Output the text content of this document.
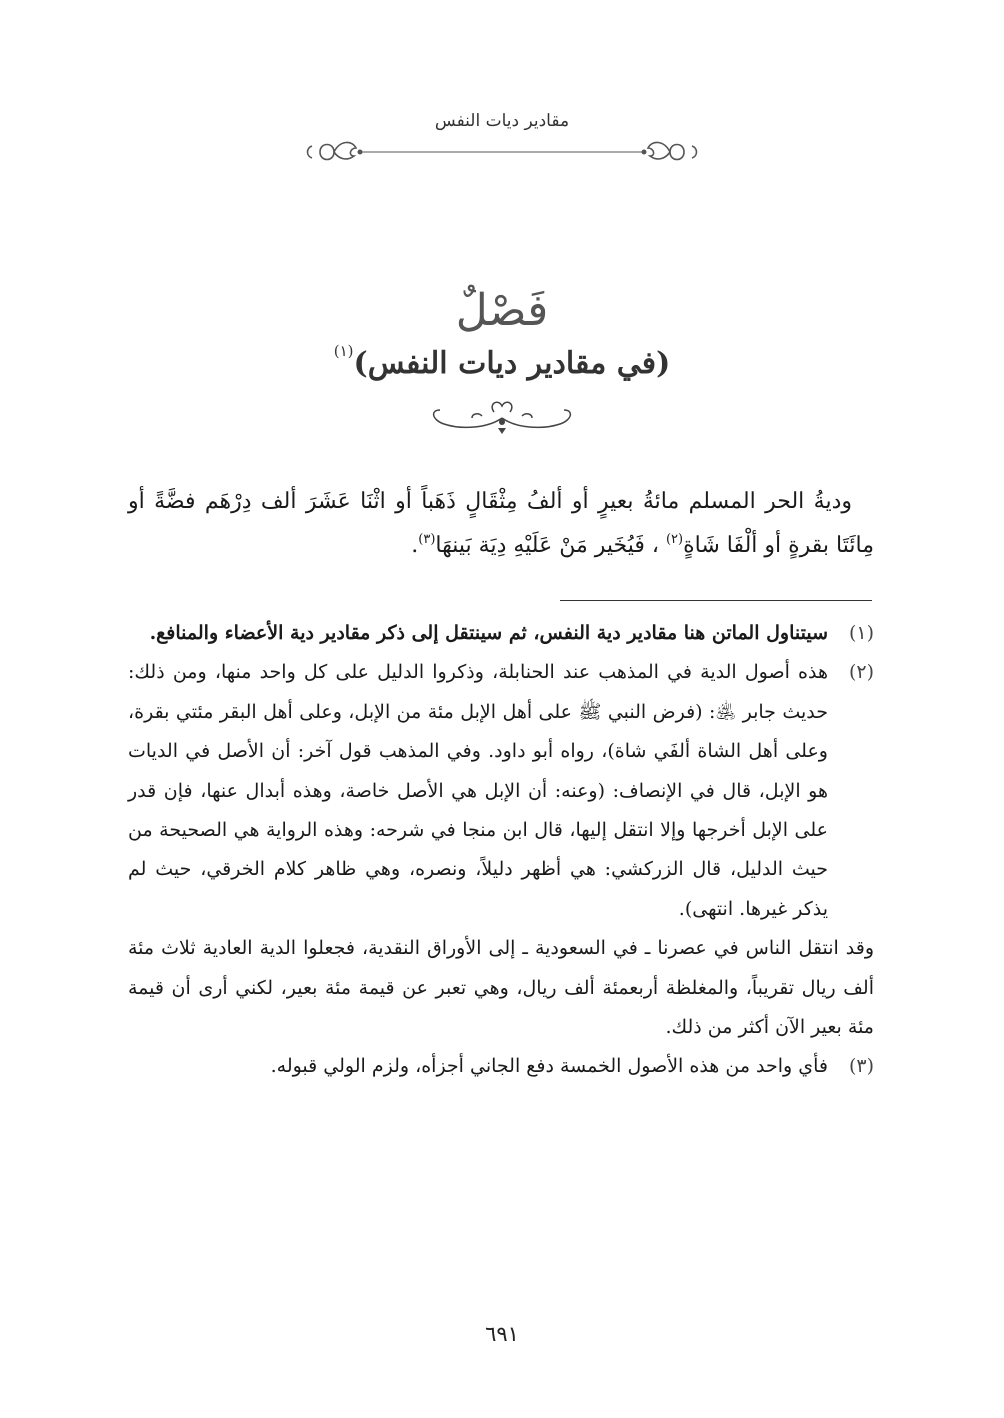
مقادير ديات النفس
فَصْلٌ
(في مقادير ديات النفس)$^{(١)}$

وديةُ الحر المسلم مائةُ بعيرٍ أو ألفُ مِثْقَالٍ ذَهَباً أو اثْنَا عَشَرَ ألف دِرْهَم فضَّةً أو مِائَتَا بقرةٍ أو ألْفَا شَاةٍ$^{(٢)}$ ، فَيُخَير مَنْ عَلَيْهِ دِيَة بَينهَا$^{(٣)}$.

(١)

سيتناول الماتن هنا مقادير دية النفس، ثم سينتقل إلى ذكر مقادير دية الأعضاء والمنافع.

(٢)

هذه أصول الدية في المذهب عند الحنابلة، وذكروا الدليل على كل واحد منها، ومن ذلك: حديث جابر ﵁: (فرض النبي ﷺ على أهل الإبل مئة من الإبل، وعلى أهل البقر مئتي بقرة، وعلى أهل الشاة ألفَي شاة)، رواه أبو داود. وفي المذهب قول آخر: أن الأصل في الديات هو الإبل، قال في الإنصاف: (وعنه: أن الإبل هي الأصل خاصة، وهذه أبدال عنها، فإن قدر على الإبل أخرجها وإلا انتقل إليها، قال ابن منجا في شرحه: وهذه الرواية هي الصحيحة من حيث الدليل، قال الزركشي: هي أظهر دليلاً، ونصره، وهي ظاهر كلام الخرقي، حيث لم يذكر غيرها. انتهى).

وقد انتقل الناس في عصرنا ـ في السعودية ـ إلى الأوراق النقدية، فجعلوا الدية العادية ثلاث مئة ألف ريال تقريباً، والمغلظة أربعمئة ألف ريال، وهي تعبر عن قيمة مئة بعير، لكني أرى أن قيمة مئة بعير الآن أكثر من ذلك.

(٣)

فأي واحد من هذه الأصول الخمسة دفع الجاني أجزأه، ولزم الولي قبوله.

٦٩١
